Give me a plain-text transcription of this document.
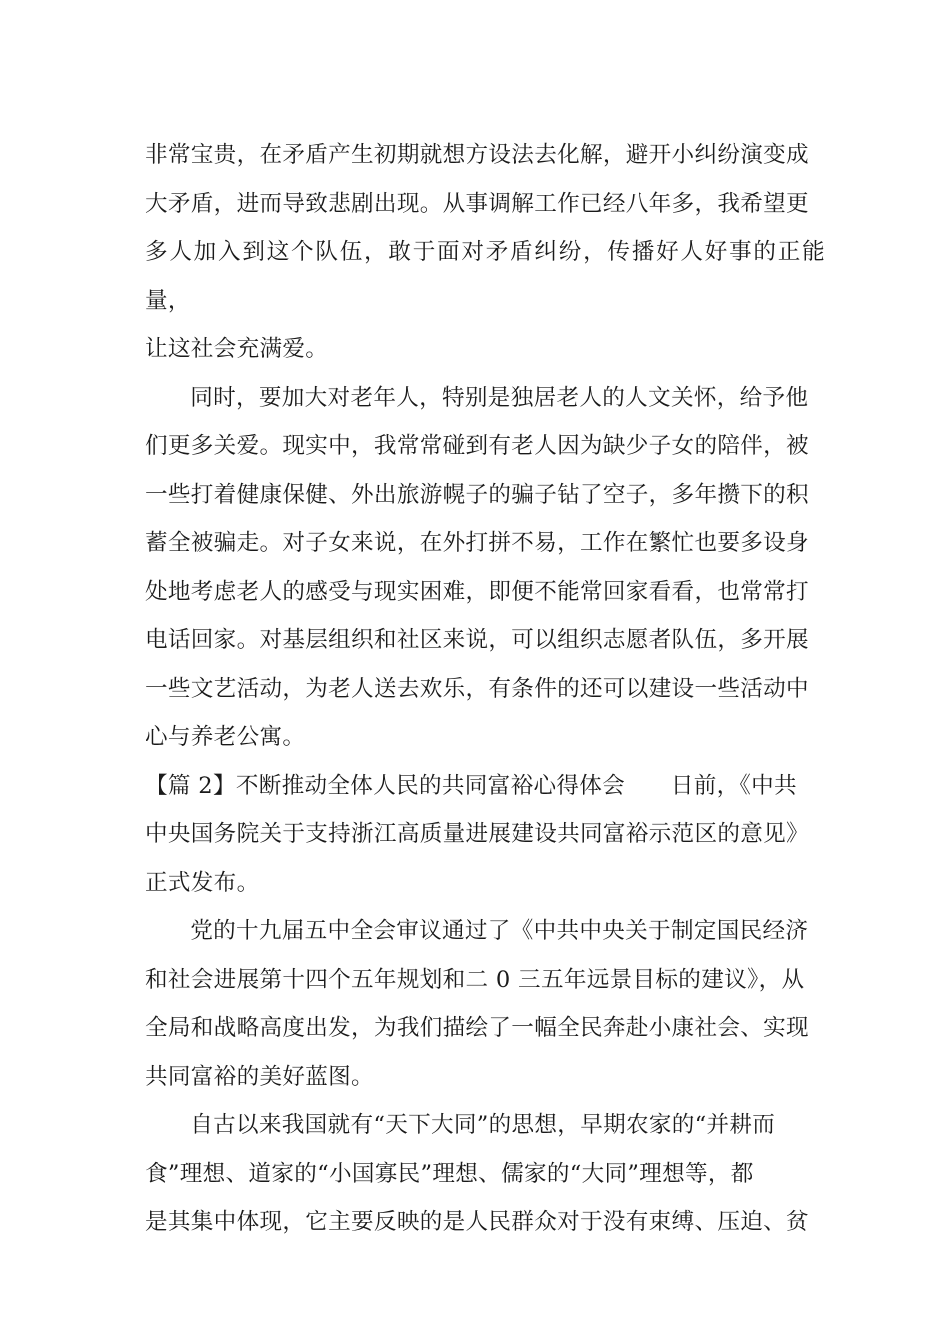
非常宝贵，在矛盾产生初期就想方设法去化解，避开小纠纷演变成
大矛盾，进而导致悲剧出现。从事调解工作已经八年多，我希望更
多人加入到这个队伍，敢于面对矛盾纠纷，传播好人好事的正能量，
让这社会充满爱。

同时，要加大对老年人，特别是独居老人的人文关怀，给予他
们更多关爱。现实中，我常常碰到有老人因为缺少子女的陪伴，被
一些打着健康保健、外出旅游幌子的骗子钻了空子，多年攒下的积
蓄全被骗走。对子女来说，在外打拼不易，工作在繁忙也要多设身
处地考虑老人的感受与现实困难，即便不能常回家看看，也常常打
电话回家。对基层组织和社区来说，可以组织志愿者队伍，多开展
一些文艺活动，为老人送去欢乐，有条件的还可以建设一些活动中
心与养老公寓。

【篇 2】不断推动全体人民的共同富裕心得体会　　日前，《中共
中央国务院关于支持浙江高质量进展建设共同富裕示范区的意见》
正式发布。

党的十九届五中全会审议通过了《中共中央关于制定国民经济
和社会进展第十四个五年规划和二 0 三五年远景目标的建议》，从
全局和战略高度出发，为我们描绘了一幅全民奔赴小康社会、实现
共同富裕的美好蓝图。

自古以来我国就有“天下大同”的思想，早期农家的“并耕而
食”理想、道家的“小国寡民”理想、儒家的“大同”理想等，都
是其集中体现，它主要反映的是人民群众对于没有束缚、压迫、贫
